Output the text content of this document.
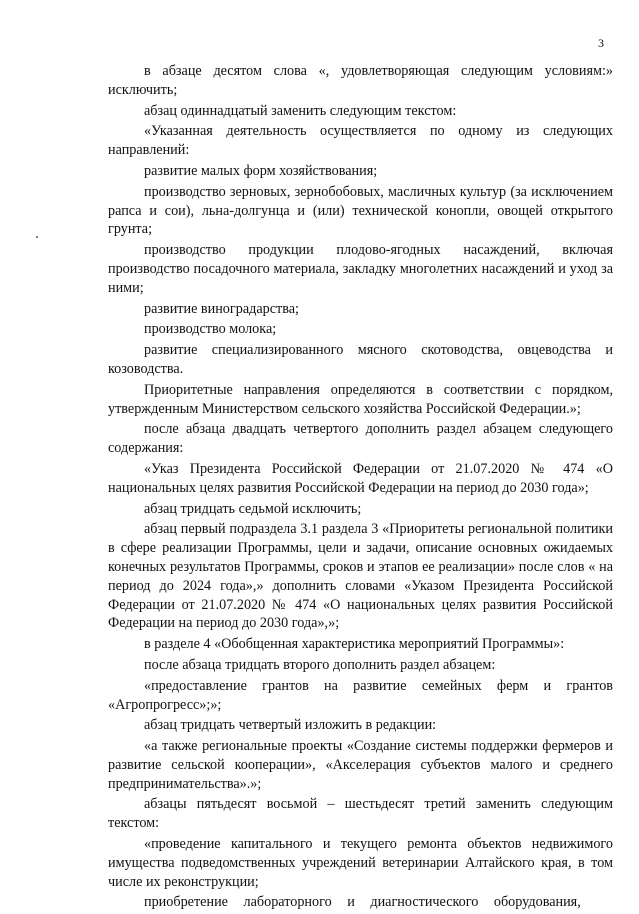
3

в абзаце десятом слова «, удовлетворяющая следующим условиям:» исключить;

абзац одиннадцатый заменить следующим текстом:

«Указанная деятельность осуществляется по одному из следующих направлений:

развитие малых форм хозяйствования;

производство зерновых, зернобобовых, масличных культур (за исключением рапса и сои), льна-долгунца и (или) технической конопли, овощей открытого грунта;

производство продукции плодово-ягодных насаждений, включая производство посадочного материала, закладку многолетних насаждений и уход за ними;

развитие виноградарства;

производство молока;

развитие специализированного мясного скотоводства, овцеводства и козоводства.

Приоритетные направления определяются в соответствии с порядком, утвержденным Министерством сельского хозяйства Российской Федерации.»;

после абзаца двадцать четвертого дополнить раздел абзацем следующего содержания:

«Указ Президента Российской Федерации от 21.07.2020 № 474 «О национальных целях развития Российской Федерации на период до 2030 года»;

абзац тридцать седьмой исключить;

абзац первый подраздела 3.1 раздела 3 «Приоритеты региональной политики в сфере реализации Программы, цели и задачи, описание основных ожидаемых конечных результатов Программы, сроков и этапов ее реализации» после слов « на период до 2024 года»,» дополнить словами «Указом Президента Российской Федерации от 21.07.2020 № 474 «О национальных целях развития Российской Федерации на период до 2030 года»,»;

в разделе 4 «Обобщенная характеристика мероприятий Программы»:

после абзаца тридцать второго дополнить раздел абзацем:

«предоставление грантов на развитие семейных ферм и грантов «Агропрогресс»;»;

абзац тридцать четвертый изложить в редакции:

«а также региональные проекты «Создание системы поддержки фермеров и развитие сельской кооперации», «Акселерация субъектов малого и среднего предпринимательства».»;

абзацы пятьдесят восьмой – шестьдесят третий заменить следующим текстом:

«проведение капитального и текущего ремонта объектов недвижимого имущества подведомственных учреждений ветеринарии Алтайского края, в том числе их реконструкции;

приобретение лабораторного и диагностического оборудования,
